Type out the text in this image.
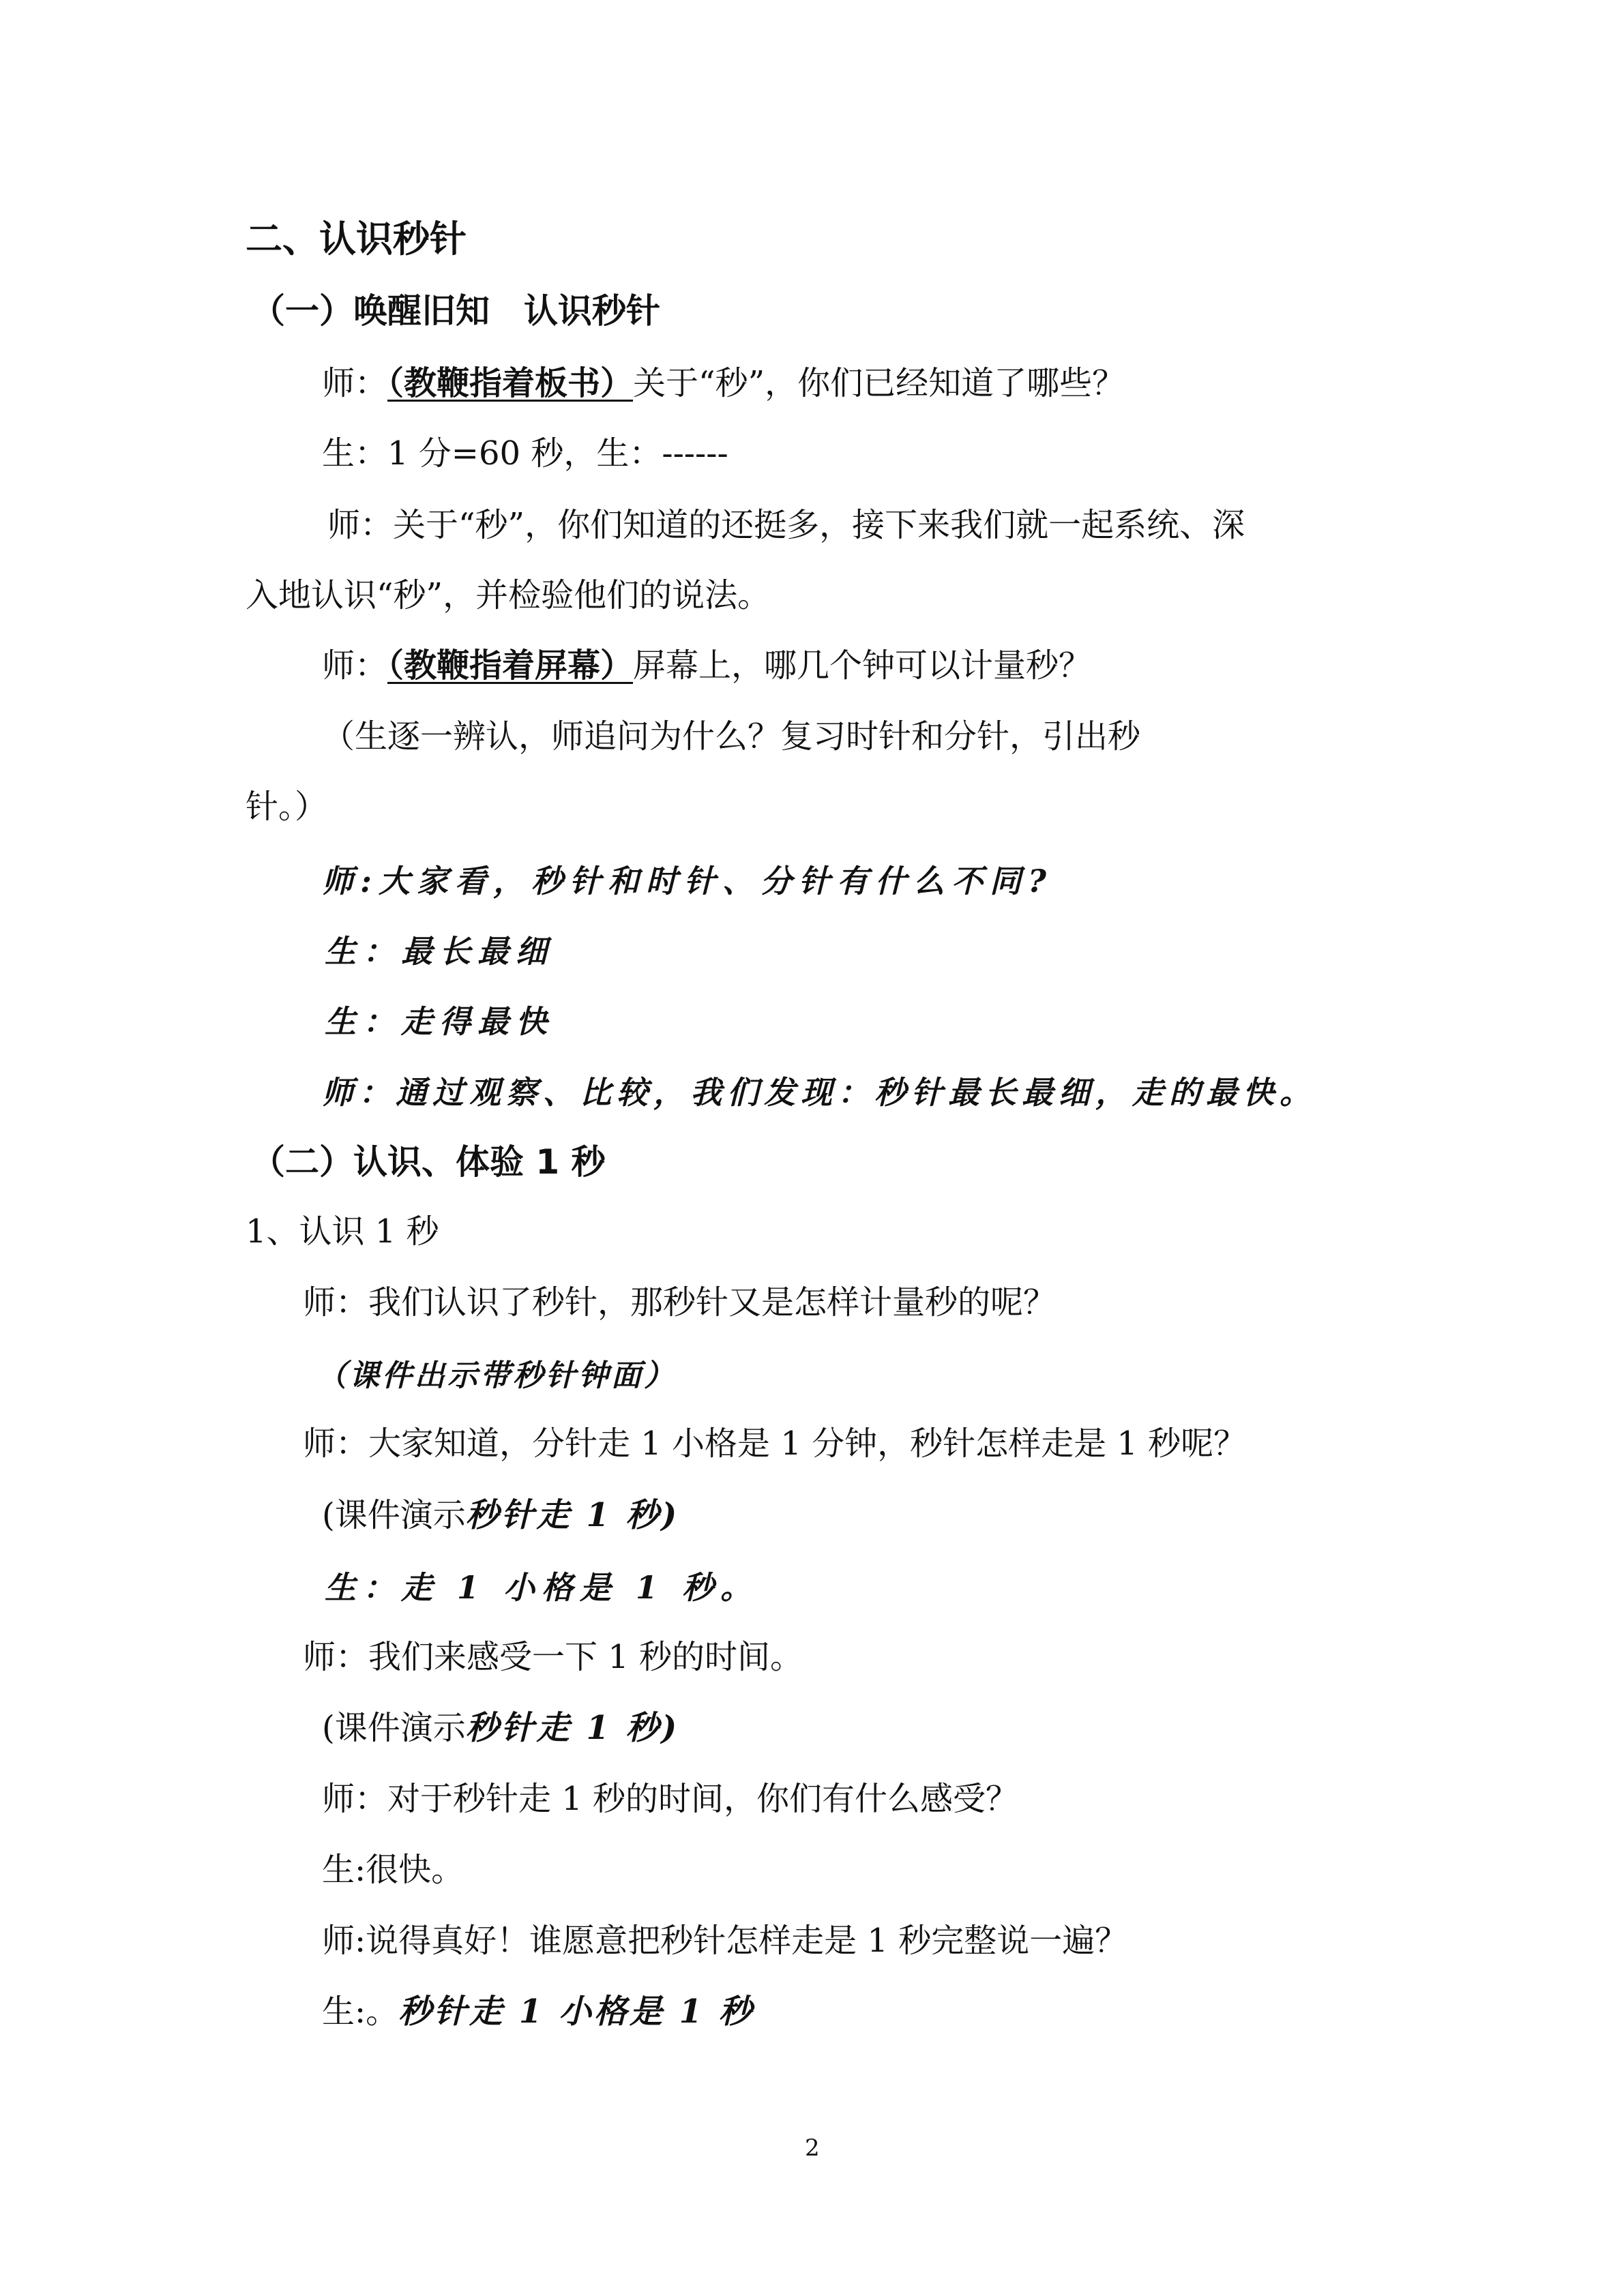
二、认识秒针
（一）唤醒旧知　认识秒针
师：（教鞭指着板书）关于“秒”，你们已经知道了哪些？
生：1 分=60 秒，生：------
师：关于“秒”，你们知道的还挺多，接下来我们就一起系统、深
入地认识“秒”，并检验他们的说法。
师：（教鞭指着屏幕）屏幕上，哪几个钟可以计量秒？
（生逐一辨认，师追问为什么？复习时针和分针，引出秒
针。）
师:大家看，秒针和时针、分针有什么不同?
生：最长最细
生：走得最快
师：通过观察、比较，我们发现：秒针最长最细，走的最快。
（二）认识、体验 1 秒
1、认识 1 秒
师：我们认识了秒针，那秒针又是怎样计量秒的呢？
（课件出示带秒针钟面）
师：大家知道，分针走 1 小格是 1 分钟，秒针怎样走是 1 秒呢？
(课件演示秒针走 1 秒)
生：走 1 小格是 1 秒。
师：我们来感受一下 1 秒的时间。
(课件演示秒针走 1 秒)
师：对于秒针走 1 秒的时间，你们有什么感受？
生:很快。
师:说得真好！谁愿意把秒针怎样走是 1 秒完整说一遍？
生:。秒针走 1 小格是 1 秒
2
